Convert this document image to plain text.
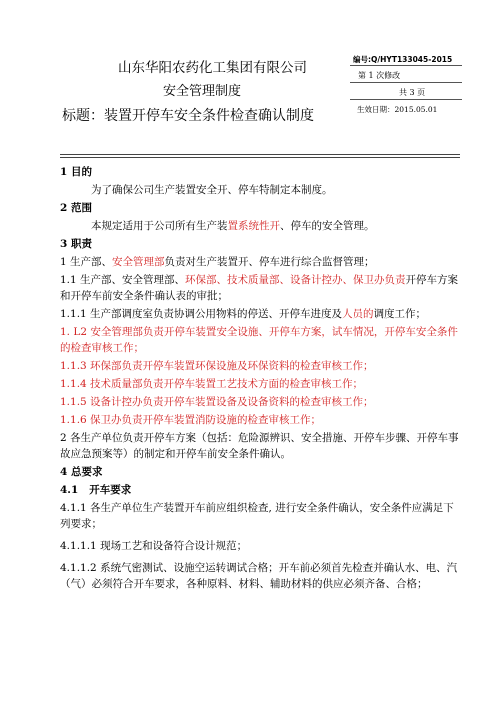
山东华阳农药化工集团有限公司
安全管理制度
标题：装置开停车安全条件检查确认制度
编号:Q/HYT133045-2015
第 1 次修改
共 3 页
生效日期：2015.05.01

1 目的

为了确保公司生产装置安全开、停车特制定本制度。

2 范围

本规定适用于公司所有生产装置系统性开、停车的安全管理。

3 职责

1 生产部、安全管理部负责对生产装置开、停车进行综合监督管理；

1.1 生产部、安全管理部、环保部、技术质量部、设备计控办、保卫办负责开停车方案和开停车前安全条件确认表的审批；

1.1.1 生产部调度室负责协调公用物料的停送、开停车进度及人员的调度工作；

1. L2 安全管理部负责开停车装置安全设施、开停车方案，试车情况，开停车安全条件的检查审核工作；

1.1.3 环保部负责开停车装置环保设施及环保资料的检查审核工作；

1.1.4 技术质量部负责开停车装置工艺技术方面的检查审核工作；

1.1.5 设备计控办负责开停车装置设备及设备资料的检查审核工作；

1.1.6 保卫办负责开停车装置消防设施的检查审核工作；

2 各生产单位负责开停车方案（包括：危险源辨识、安全措施、开停车步骤、开停车事故应急预案等）的制定和开停车前安全条件确认。

4 总要求

4.1 开车要求

4.1.1 各生产单位生产装置开车前应组织检查, 进行安全条件确认，安全条件应满足下列要求；

4.1.1.1 现场工艺和设备符合设计规范；

4.1.1.2 系统气密测试、设施空运转调试合格；开车前必须首先检查并确认水、电、汽（气）必须符合开车要求，各种原料、材料、辅助材料的供应必须齐备、合格；
